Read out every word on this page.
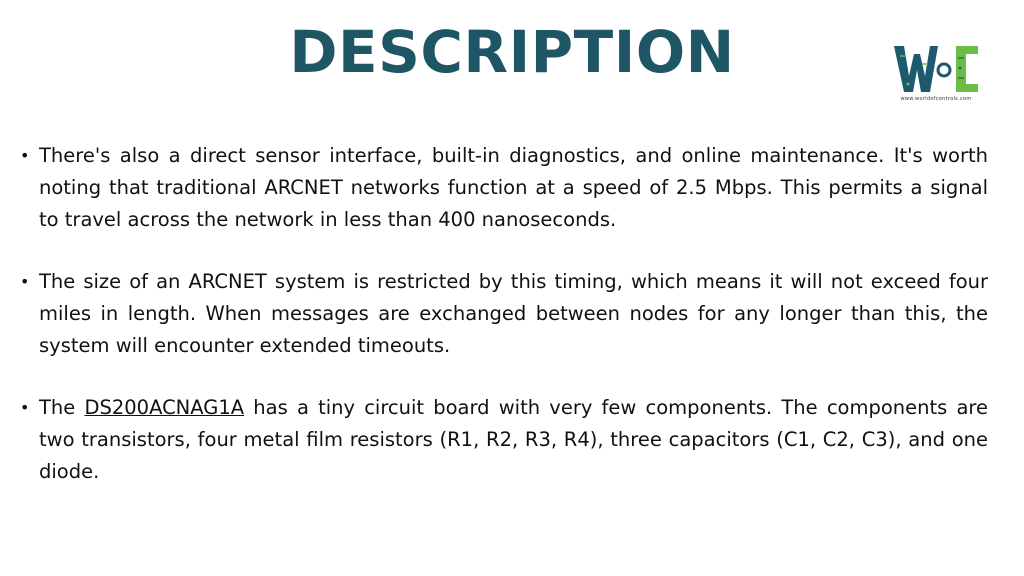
DESCRIPTION
www.worldofcontrols.com
• There's also a direct sensor interface, built-in diagnostics, and online maintenance. It's worth noting that traditional ARCNET networks function at a speed of 2.5 Mbps. This permits a signal to travel across the network in less than 400 nanoseconds.
• The size of an ARCNET system is restricted by this timing, which means it will not exceed four miles in length. When messages are exchanged between nodes for any longer than this, the system will encounter extended timeouts.
• The DS200ACNAG1A has a tiny circuit board with very few components. The components are two transistors, four metal film resistors (R1, R2, R3, R4), three capacitors (C1, C2, C3), and one diode.
